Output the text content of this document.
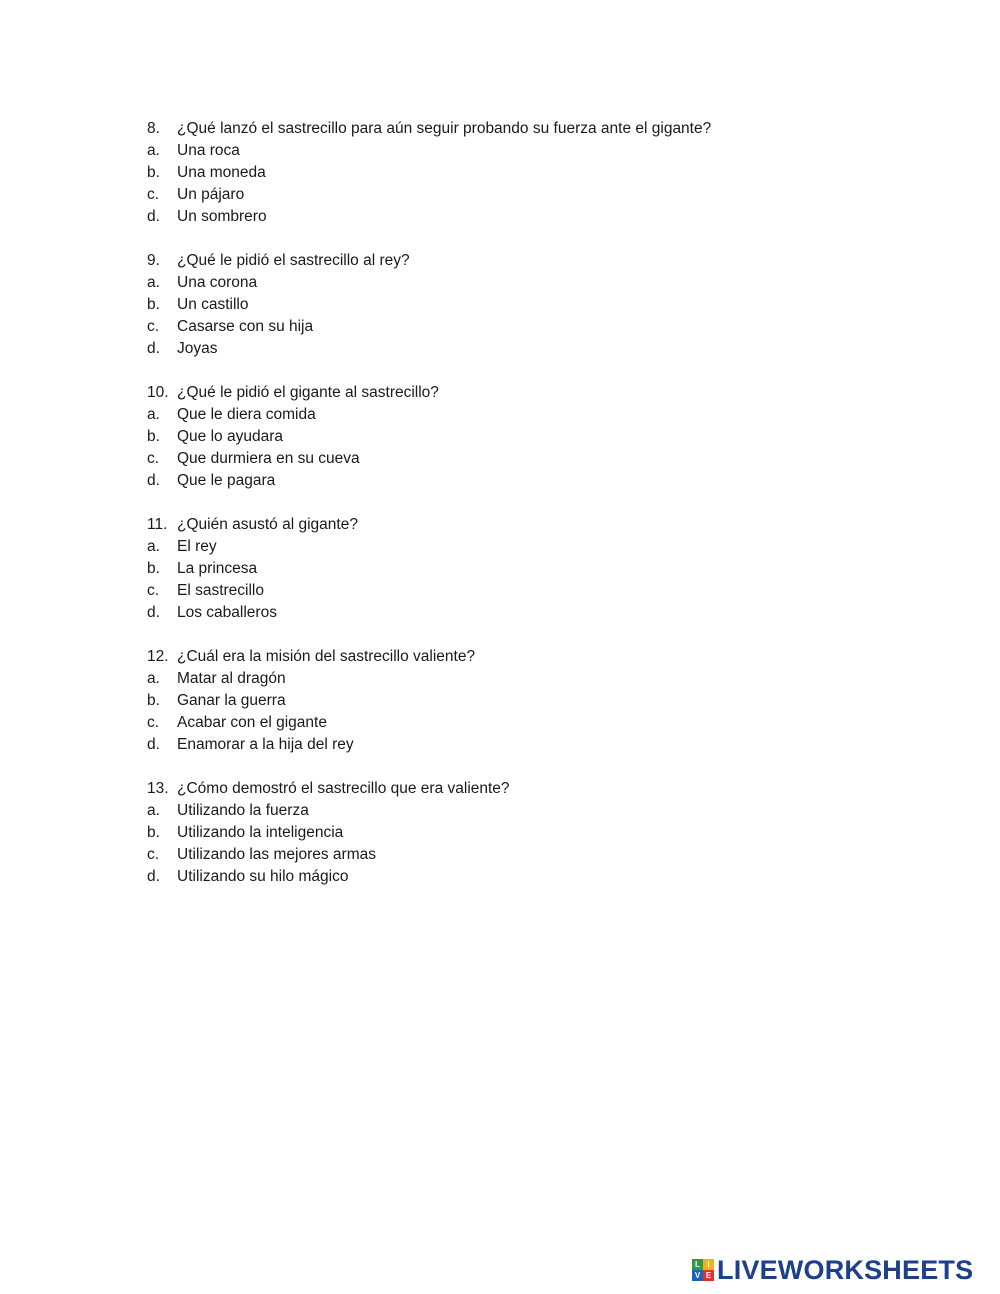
8.	¿Qué lanzó el sastrecillo para aún seguir probando su fuerza ante el gigante?
a.	Una roca
b.	Una moneda
c.	Un pájaro
d.	Un sombrero
9.	¿Qué le pidió el sastrecillo al rey?
a.	Una corona
b.	Un castillo
c.	Casarse con su hija
d.	Joyas
10. ¿Qué le pidió el gigante al sastrecillo?
a.	Que le diera comida
b.	Que lo ayudara
c.	Que durmiera en su cueva
d.	Que le pagara
11. ¿Quién asustó al gigante?
a.	El rey
b.	La princesa
c.	El sastrecillo
d.	Los caballeros
12. ¿Cuál era la misión del sastrecillo valiente?
a.	Matar al dragón
b.	Ganar la guerra
c.	Acabar con el gigante
d.	Enamorar a la hija del rey
13. ¿Cómo demostró el sastrecillo que era valiente?
a.	Utilizando la fuerza
b.	Utilizando la inteligencia
c.	Utilizando las mejores armas
d.	Utilizando su hilo mágico
L I
V E LIVEWORKSHEETS
